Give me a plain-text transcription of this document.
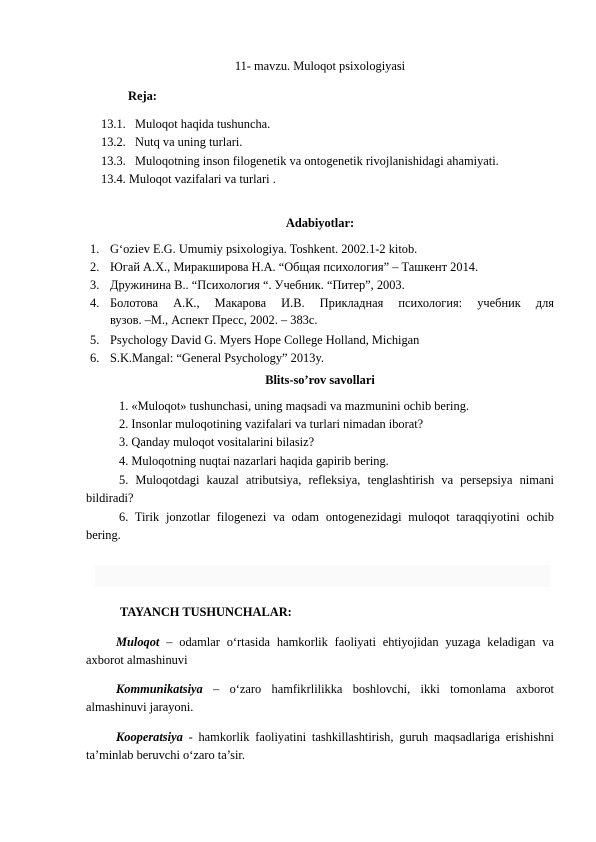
11- mavzu. Muloqot psixologiyasi
Reja:
13.1. Muloqot haqida tushuncha.
13.2. Nutq va uning turlari.
13.3. Muloqotning inson filogenetik va ontogenetik rivojlanishidagi ahamiyati.
13.4. Muloqot vazifalari va turlari .
Adabiyotlar:
1. G‘oziev E.G. Umumiy psixologiya. Toshkent. 2002.1-2 kitob.
2. Югай А.Х., Миракширова Н.А. “Общая психология” – Ташкент 2014.
3. Дружинина В.. “Психология “. Учебник. “Питер”, 2003.
4. Болотова А.К., Макарова И.В. Прикладная психология: учебник для
вузов. –М., Аспект Пресс, 2002. – 383с.
5. Psychology David G. Myers Hope College Holland, Michigan
6. S.K.Mangal: “General Psychology” 2013y.
Blits-so’rov savollari
1. «Muloqot» tushunchasi, uning maqsadi va mazmunini ochib bering.
2. Insonlar muloqotining vazifalari va turlari nimadan iborat?
3. Qanday muloqot vositalarini bilasiz?
4. Muloqotning nuqtai nazarlari haqida gapirib bering.
5. Muloqotdagi kauzal atributsiya, refleksiya, tenglashtirish va persepsiya nimani bildiradi?
6. Tirik jonzotlar filogenezi va odam ontogenezidagi muloqot taraqqiyotini ochib bering.
TAYANCH TUSHUNCHALAR:
Muloqot – odamlar o‘rtasida hamkorlik faoliyati ehtiyojidan yuzaga keladigan va axborot almashinuvi
Kommunikatsiya – o‘zaro hamfikrlilikka boshlovchi, ikki tomonlama axborot almashinuvi jarayoni.
Kooperatsiya - hamkorlik faoliyatini tashkillashtirish, guruh maqsadlariga erishishni ta’minlab beruvchi o‘zaro ta’sir.
